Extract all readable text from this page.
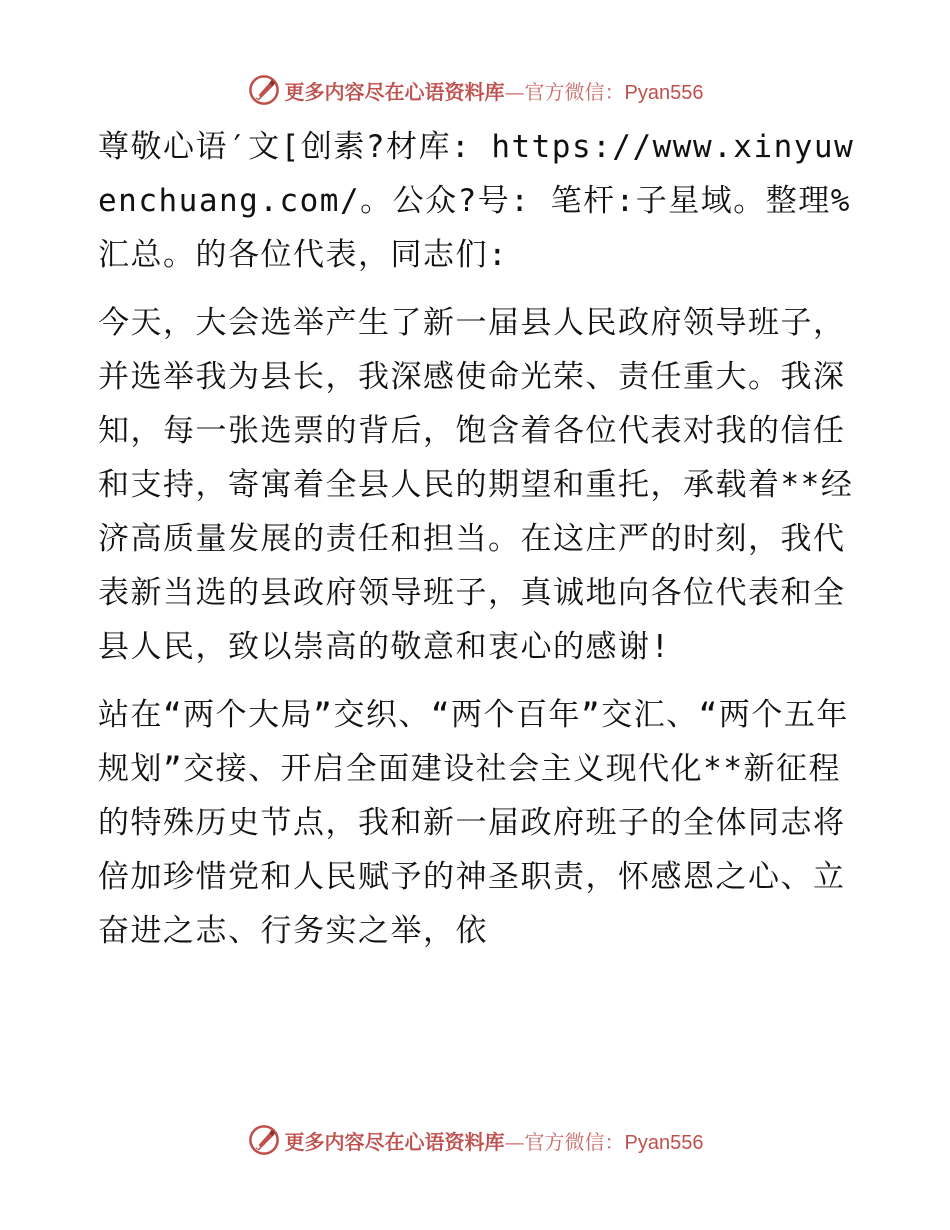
更多内容尽在心语资料库—官方微信：Pyan556

尊敬心语′文[创素?材库: https://www.xinyuwenchuang.com/。公众?号: 笔杆:子星域。整理%汇总。的各位代表，同志们:

今天，大会选举产生了新一届县人民政府领导班子，并选举我为县长，我深感使命光荣、责任重大。我深知，每一张选票的背后，饱含着各位代表对我的信任和支持，寄寓着全县人民的期望和重托，承载着**经济高质量发展的责任和担当。在这庄严的时刻，我代表新当选的县政府领导班子，真诚地向各位代表和全县人民，致以崇高的敬意和衷心的感谢!

站在“两个大局”交织、“两个百年”交汇、“两个五年规划”交接、开启全面建设社会主义现代化**新征程的特殊历史节点，我和新一届政府班子的全体同志将倍加珍惜党和人民赋予的神圣职责，怀感恩之心、立奋进之志、行务实之举，依

更多内容尽在心语资料库—官方微信：Pyan556
